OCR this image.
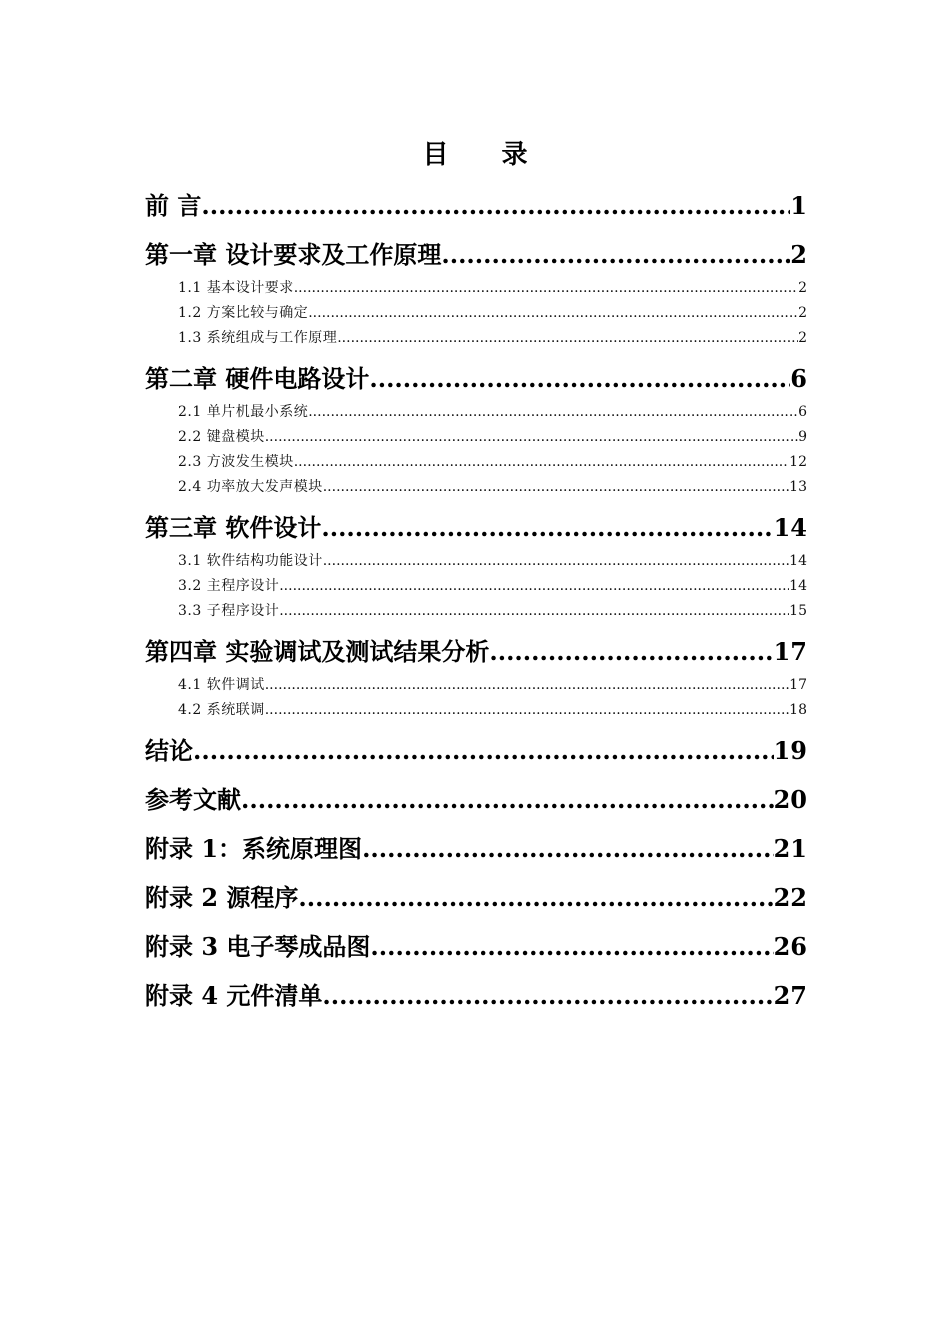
目 录
前 言 .....	1
第一章 设计要求及工作原理 .....	2
1.1 基本设计要求 .....	2
1.2 方案比较与确定 .....	2
1.3 系统组成与工作原理 .....	2
第二章 硬件电路设计 .....	6
2.1 单片机最小系统 .....	6
2.2 键盘模块 .....	9
2.3 方波发生模块 .....	12
2.4 功率放大发声模块 .....	13
第三章 软件设计 .....	14
3.1 软件结构功能设计 .....	14
3.2 主程序设计 .....	14
3.3 子程序设计 .....	15
第四章 实验调试及测试结果分析 .....	17
4.1 软件调试 .....	17
4.2 系统联调 .....	18
结论 .....	19
参考文献 .....	20
附录 1：系统原理图 .....	21
附录 2 源程序 .....	22
附录 3 电子琴成品图 .....	26
附录 4 元件清单 .....	27
